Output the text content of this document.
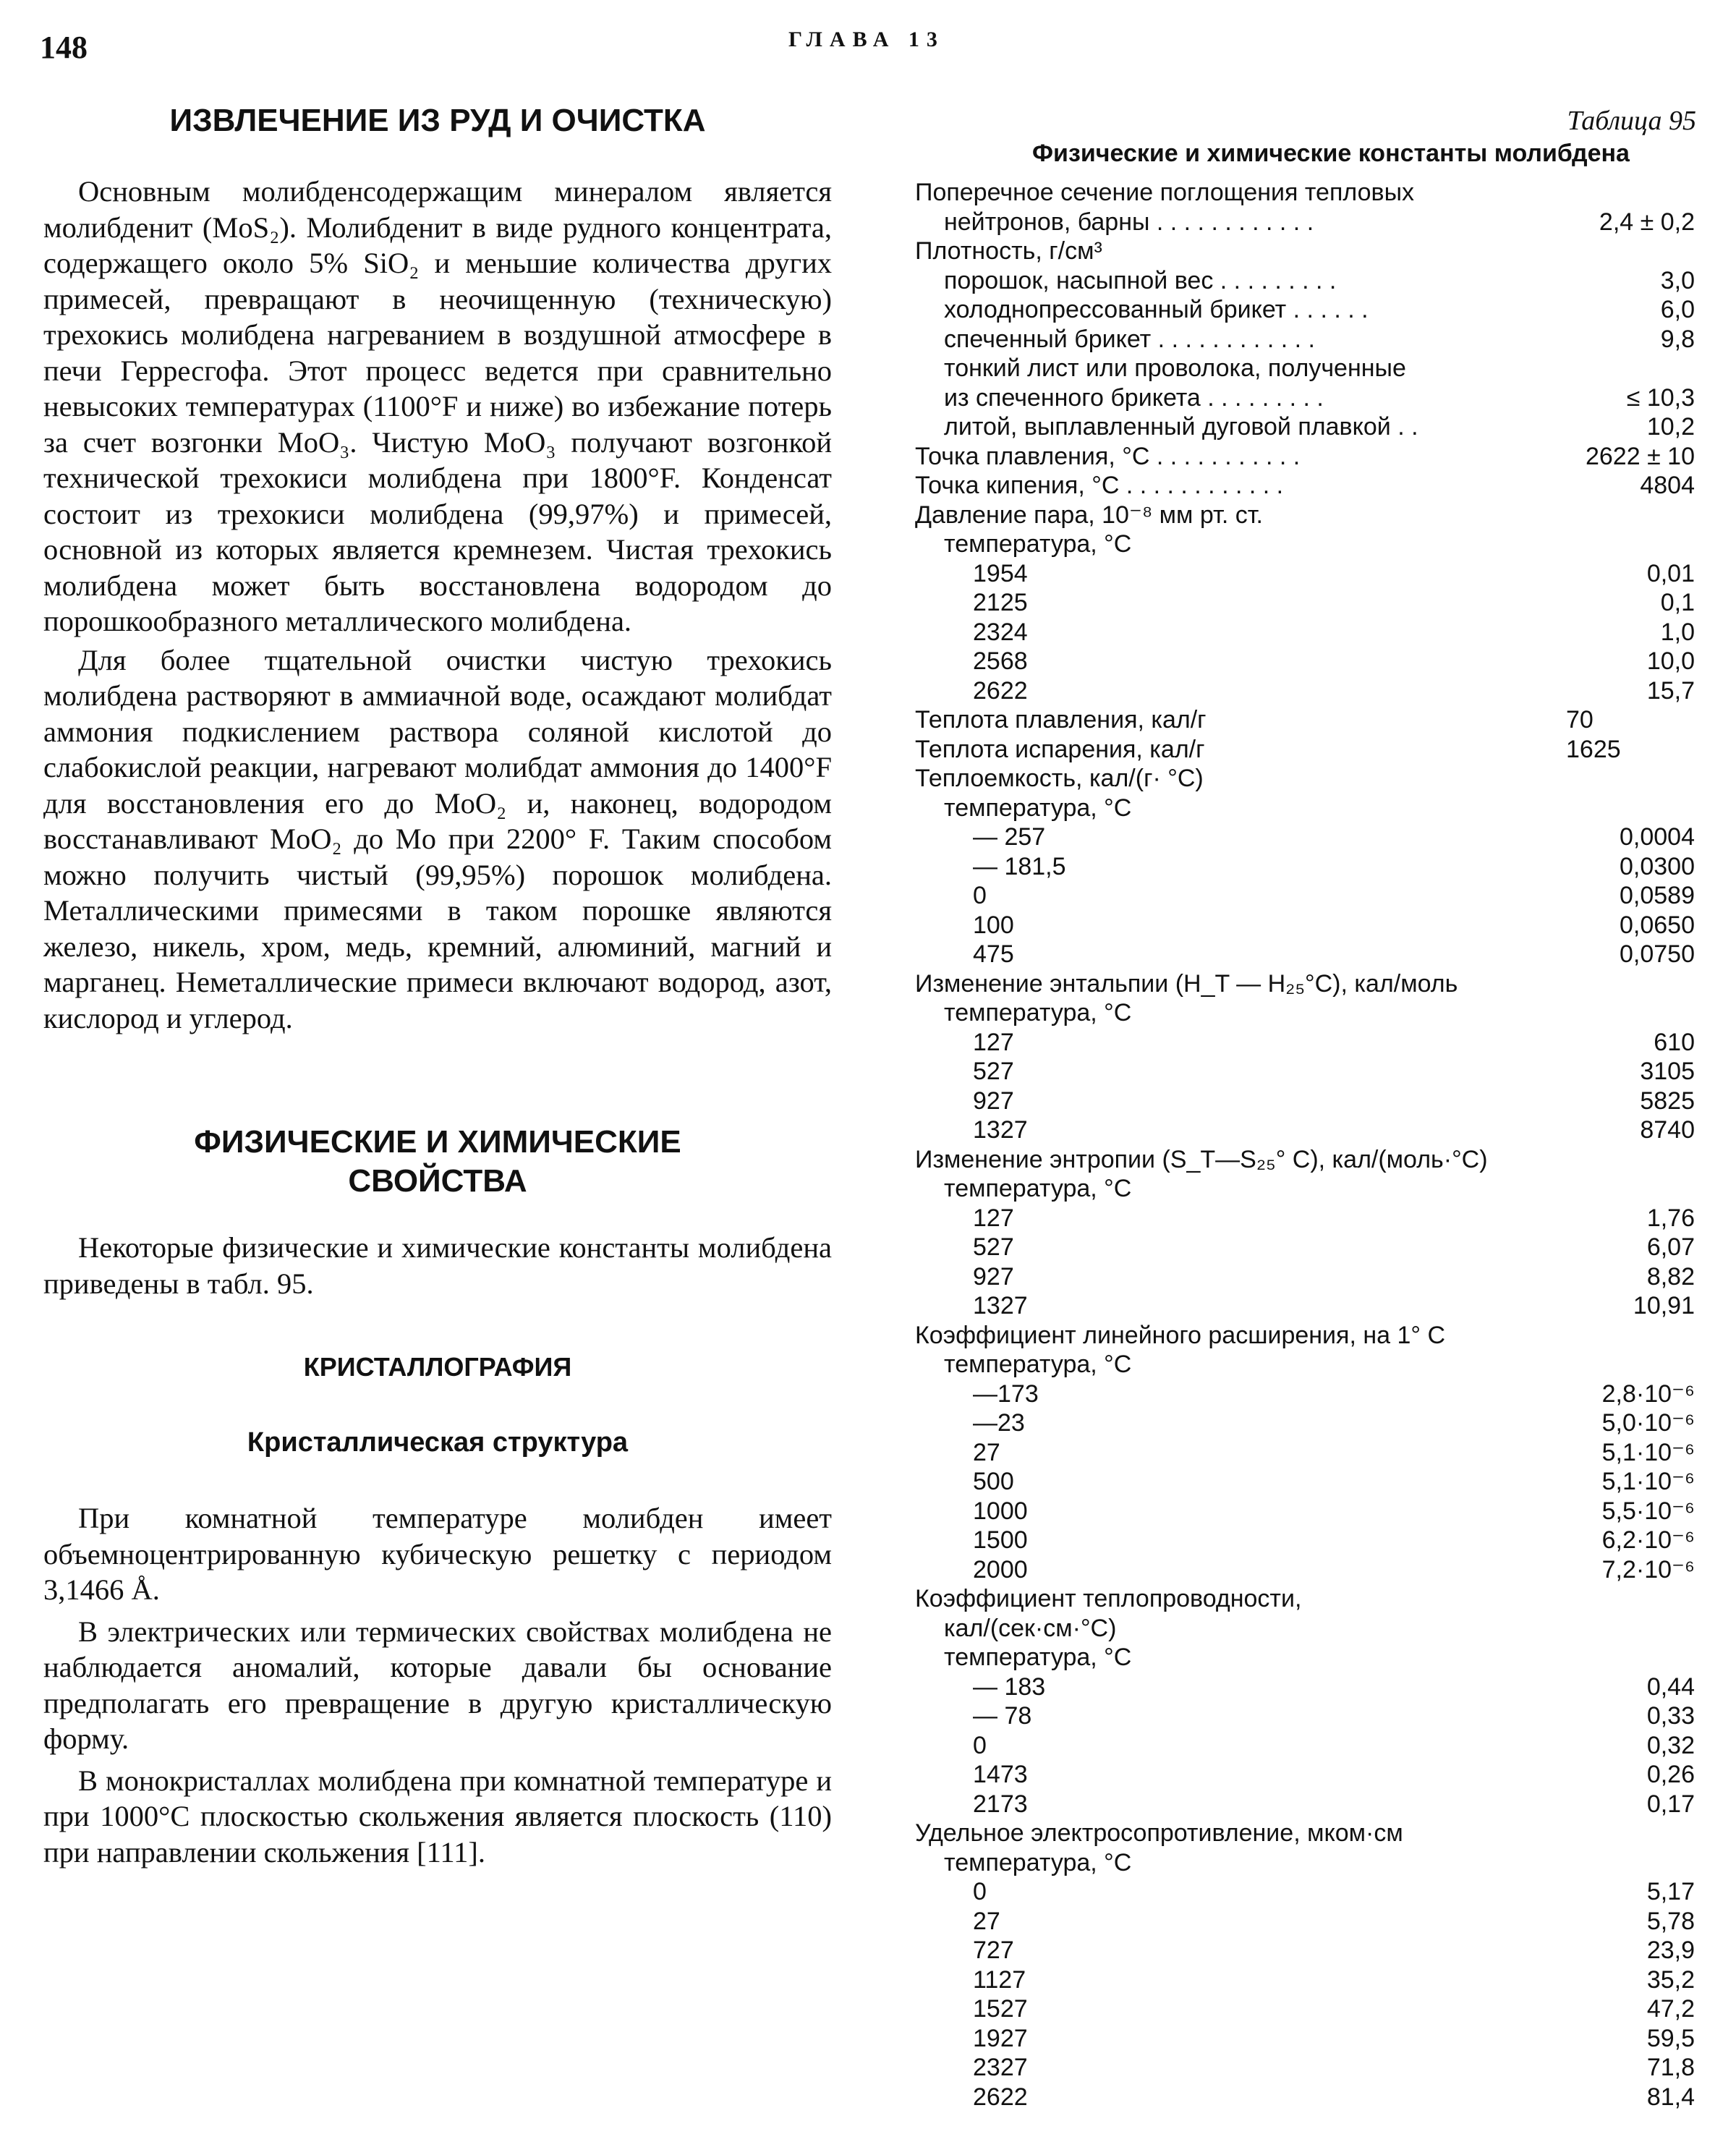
148	ГЛАВА 13
ИЗВЛЕЧЕНИЕ ИЗ РУД И ОЧИСТКА

Основным молибденсодержащим минералом является молибденит (MoS₂). Молибденит в виде рудного концентрата, содержащего около 5% SiO₂ и меньшие количества других примесей, превращают в неочищенную (техническую) трехокись молибдена нагреванием в воздушной атмосфере в печи Герресгофа. Этот процесс ведется при сравнительно невысоких температурах (1100°F и ниже) во избежание потерь за счет возгонки MoO₃. Чистую MoO₃ получают возгонкой технической трехокиси молибдена при 1800°F. Конденсат состоит из трехокиси молибдена (99,97%) и примесей, основной из которых является кремнезем. Чистая трехокись молибдена может быть восстановлена водородом до порошкообразного металлического молибдена.

Для более тщательной очистки чистую трехокись молибдена растворяют в аммиачной воде, осаждают молибдат аммония подкислением раствора соляной кислотой до слабокислой реакции, нагревают молибдат аммония до 1400°F для восстановления его до MoO₂ и, наконец, водородом восстанавливают MoO₂ до Mo при 2200° F. Таким способом можно получить чистый (99,95%) порошок молибдена. Металлическими примесями в таком порошке являются железо, никель, хром, медь, кремний, алюминий, магний и марганец. Неметаллические примеси включают водород, азот, кислород и углерод.

ФИЗИЧЕСКИЕ И ХИМИЧЕСКИЕ
СВОЙСТВА

Некоторые физические и химические константы молибдена приведены в табл. 95.

КРИСТАЛЛОГРАФИЯ
Кристаллическая структура

При комнатной температуре молибден имеет объемноцентрированную кубическую решетку с периодом 3,1466 Å.

В электрических или термических свойствах молибдена не наблюдается аномалий, которые давали бы основание предполагать его превращение в другую кристаллическую форму.

В монокристаллах молибдена при комнатной температуре и при 1000°С плоскостью скольжения является плоскость (110) при направлении скольжения [111].

Таблица 95

Физические и химические константы молибдена

Поперечное сечение поглощения тепловых
нейтронов, барны . . . . . . . . . . . .	2,4 ± 0,2
Плотность, г/см³
порошок, насыпной вес . . . . . . . . .	3,0
холоднопрессованный брикет . . . . . .	6,0
спеченный брикет . . . . . . . . . . . .	9,8
тонкий лист или проволока, полученные
из спеченного брикета . . . . . . . . .	≤ 10,3
литой, выплавленный дуговой плавкой . .	10,2
Точка плавления, °С . . . . . . . . . . .	2622 ± 10
Точка кипения, °С . . . . . . . . . . . .	4804
Давление пара, 10⁻⁸ мм рт. ст.
температура, °С
1954	0,01
2125	0,1
2324	1,0
2568	10,0
2622	15,7
Теплота плавления, кал/г	70
Теплота испарения, кал/г	1625
Теплоемкость, кал/(г· °С)
температура, °С
— 257	0,0004
— 181,5	0,0300
0	0,0589
100	0,0650
475	0,0750
Изменение энтальпии (H_T — H₂₅°С), кал/моль
температура, °С
127	610
527	3105
927	5825
1327	8740
Изменение энтропии (S_T—S₂₅° С), кал/(моль·°С)
температура, °С
127	1,76
527	6,07
927	8,82
1327	10,91
Коэффициент линейного расширения, на 1° С
температура, °С
—173	2,8·10⁻⁶
—23	5,0·10⁻⁶
27	5,1·10⁻⁶
500	5,1·10⁻⁶
1000	5,5·10⁻⁶
1500	6,2·10⁻⁶
2000	7,2·10⁻⁶
Коэффициент теплопроводности,
кал/(сек·см·°С)
температура, °С
— 183	0,44
— 78	0,33
0	0,32
1473	0,26
2173	0,17
Удельное электросопротивление, мком·см
температура, °С
0	5,17
27	5,78
727	23,9
1127	35,2
1527	47,2
1927	59,5
2327	71,8
2622	81,4
